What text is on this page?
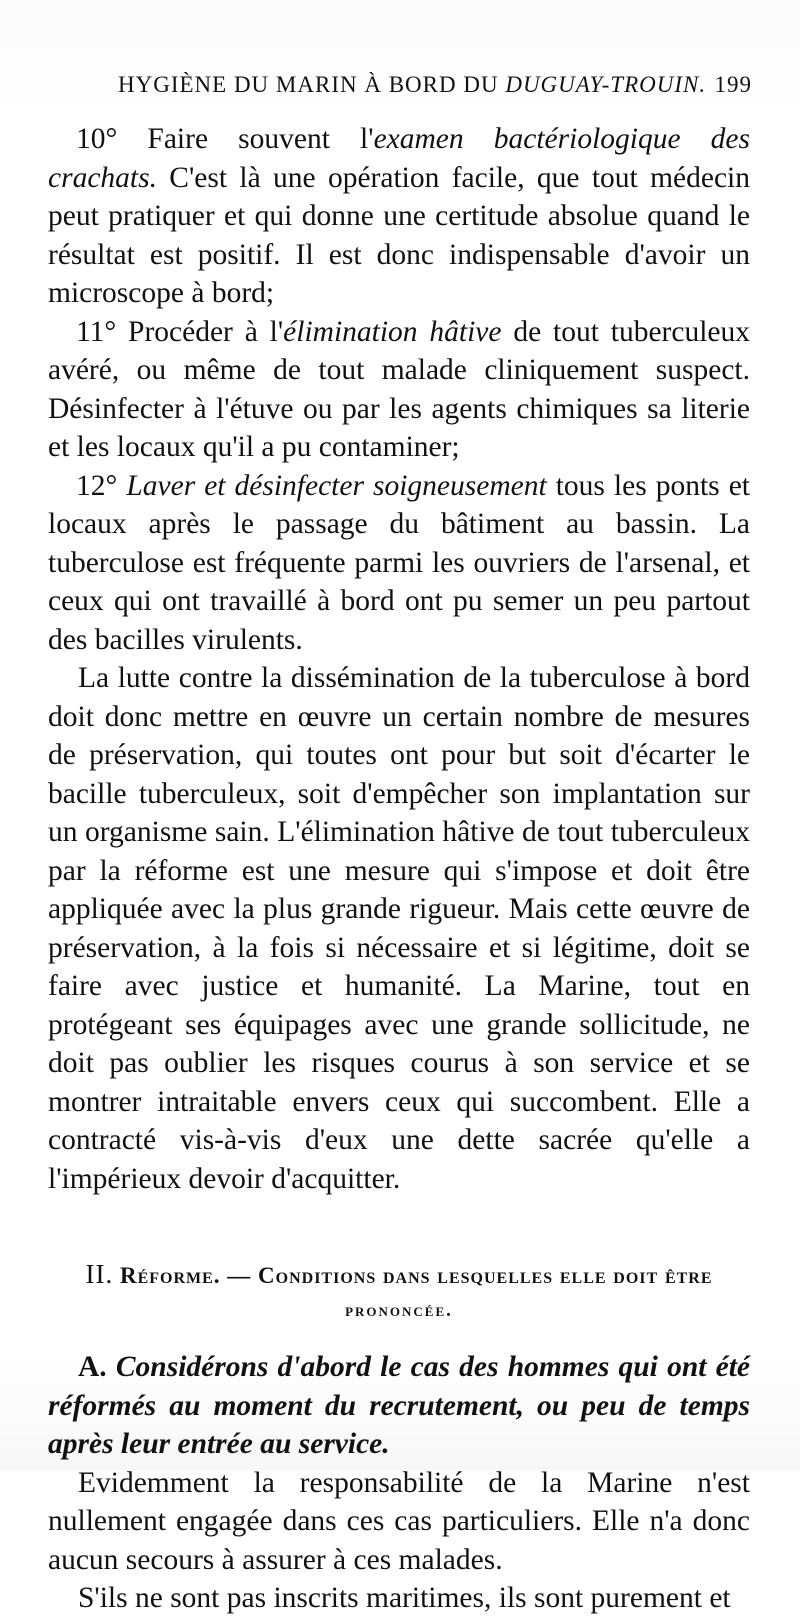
HYGIÈNE DU MARIN À BORD DU DUGUAY-TROUIN. 199

10° Faire souvent l'examen bactériologique des crachats. C'est là une opération facile, que tout médecin peut pratiquer et qui donne une certitude absolue quand le résultat est positif. Il est donc indispensable d'avoir un microscope à bord;

11° Procéder à l'élimination hâtive de tout tuberculeux avéré, ou même de tout malade cliniquement suspect. Désinfecter à l'étuve ou par les agents chimiques sa literie et les locaux qu'il a pu contaminer;

12° Laver et désinfecter soigneusement tous les ponts et locaux après le passage du bâtiment au bassin. La tuberculose est fréquente parmi les ouvriers de l'arsenal, et ceux qui ont travaillé à bord ont pu semer un peu partout des bacilles virulents.

La lutte contre la dissémination de la tuberculose à bord doit donc mettre en œuvre un certain nombre de mesures de préservation, qui toutes ont pour but soit d'écarter le bacille tuberculeux, soit d'empêcher son implantation sur un organisme sain. L'élimination hâtive de tout tuberculeux par la réforme est une mesure qui s'impose et doit être appliquée avec la plus grande rigueur. Mais cette œuvre de préservation, à la fois si nécessaire et si légitime, doit se faire avec justice et humanité. La Marine, tout en protégeant ses équipages avec une grande sollicitude, ne doit pas oublier les risques courus à son service et se montrer intraitable envers ceux qui succombent. Elle a contracté vis-à-vis d'eux une dette sacrée qu'elle a l'impérieux devoir d'acquitter.

II. Réforme. — Conditions dans lesquelles elle doit être
prononcée.

A. Considérons d'abord le cas des hommes qui ont été réformés au moment du recrutement, ou peu de temps après leur entrée au service.

Evidemment la responsabilité de la Marine n'est nullement engagée dans ces cas particuliers. Elle n'a donc aucun secours à assurer à ces malades.

S'ils ne sont pas inscrits maritimes, ils sont purement et
